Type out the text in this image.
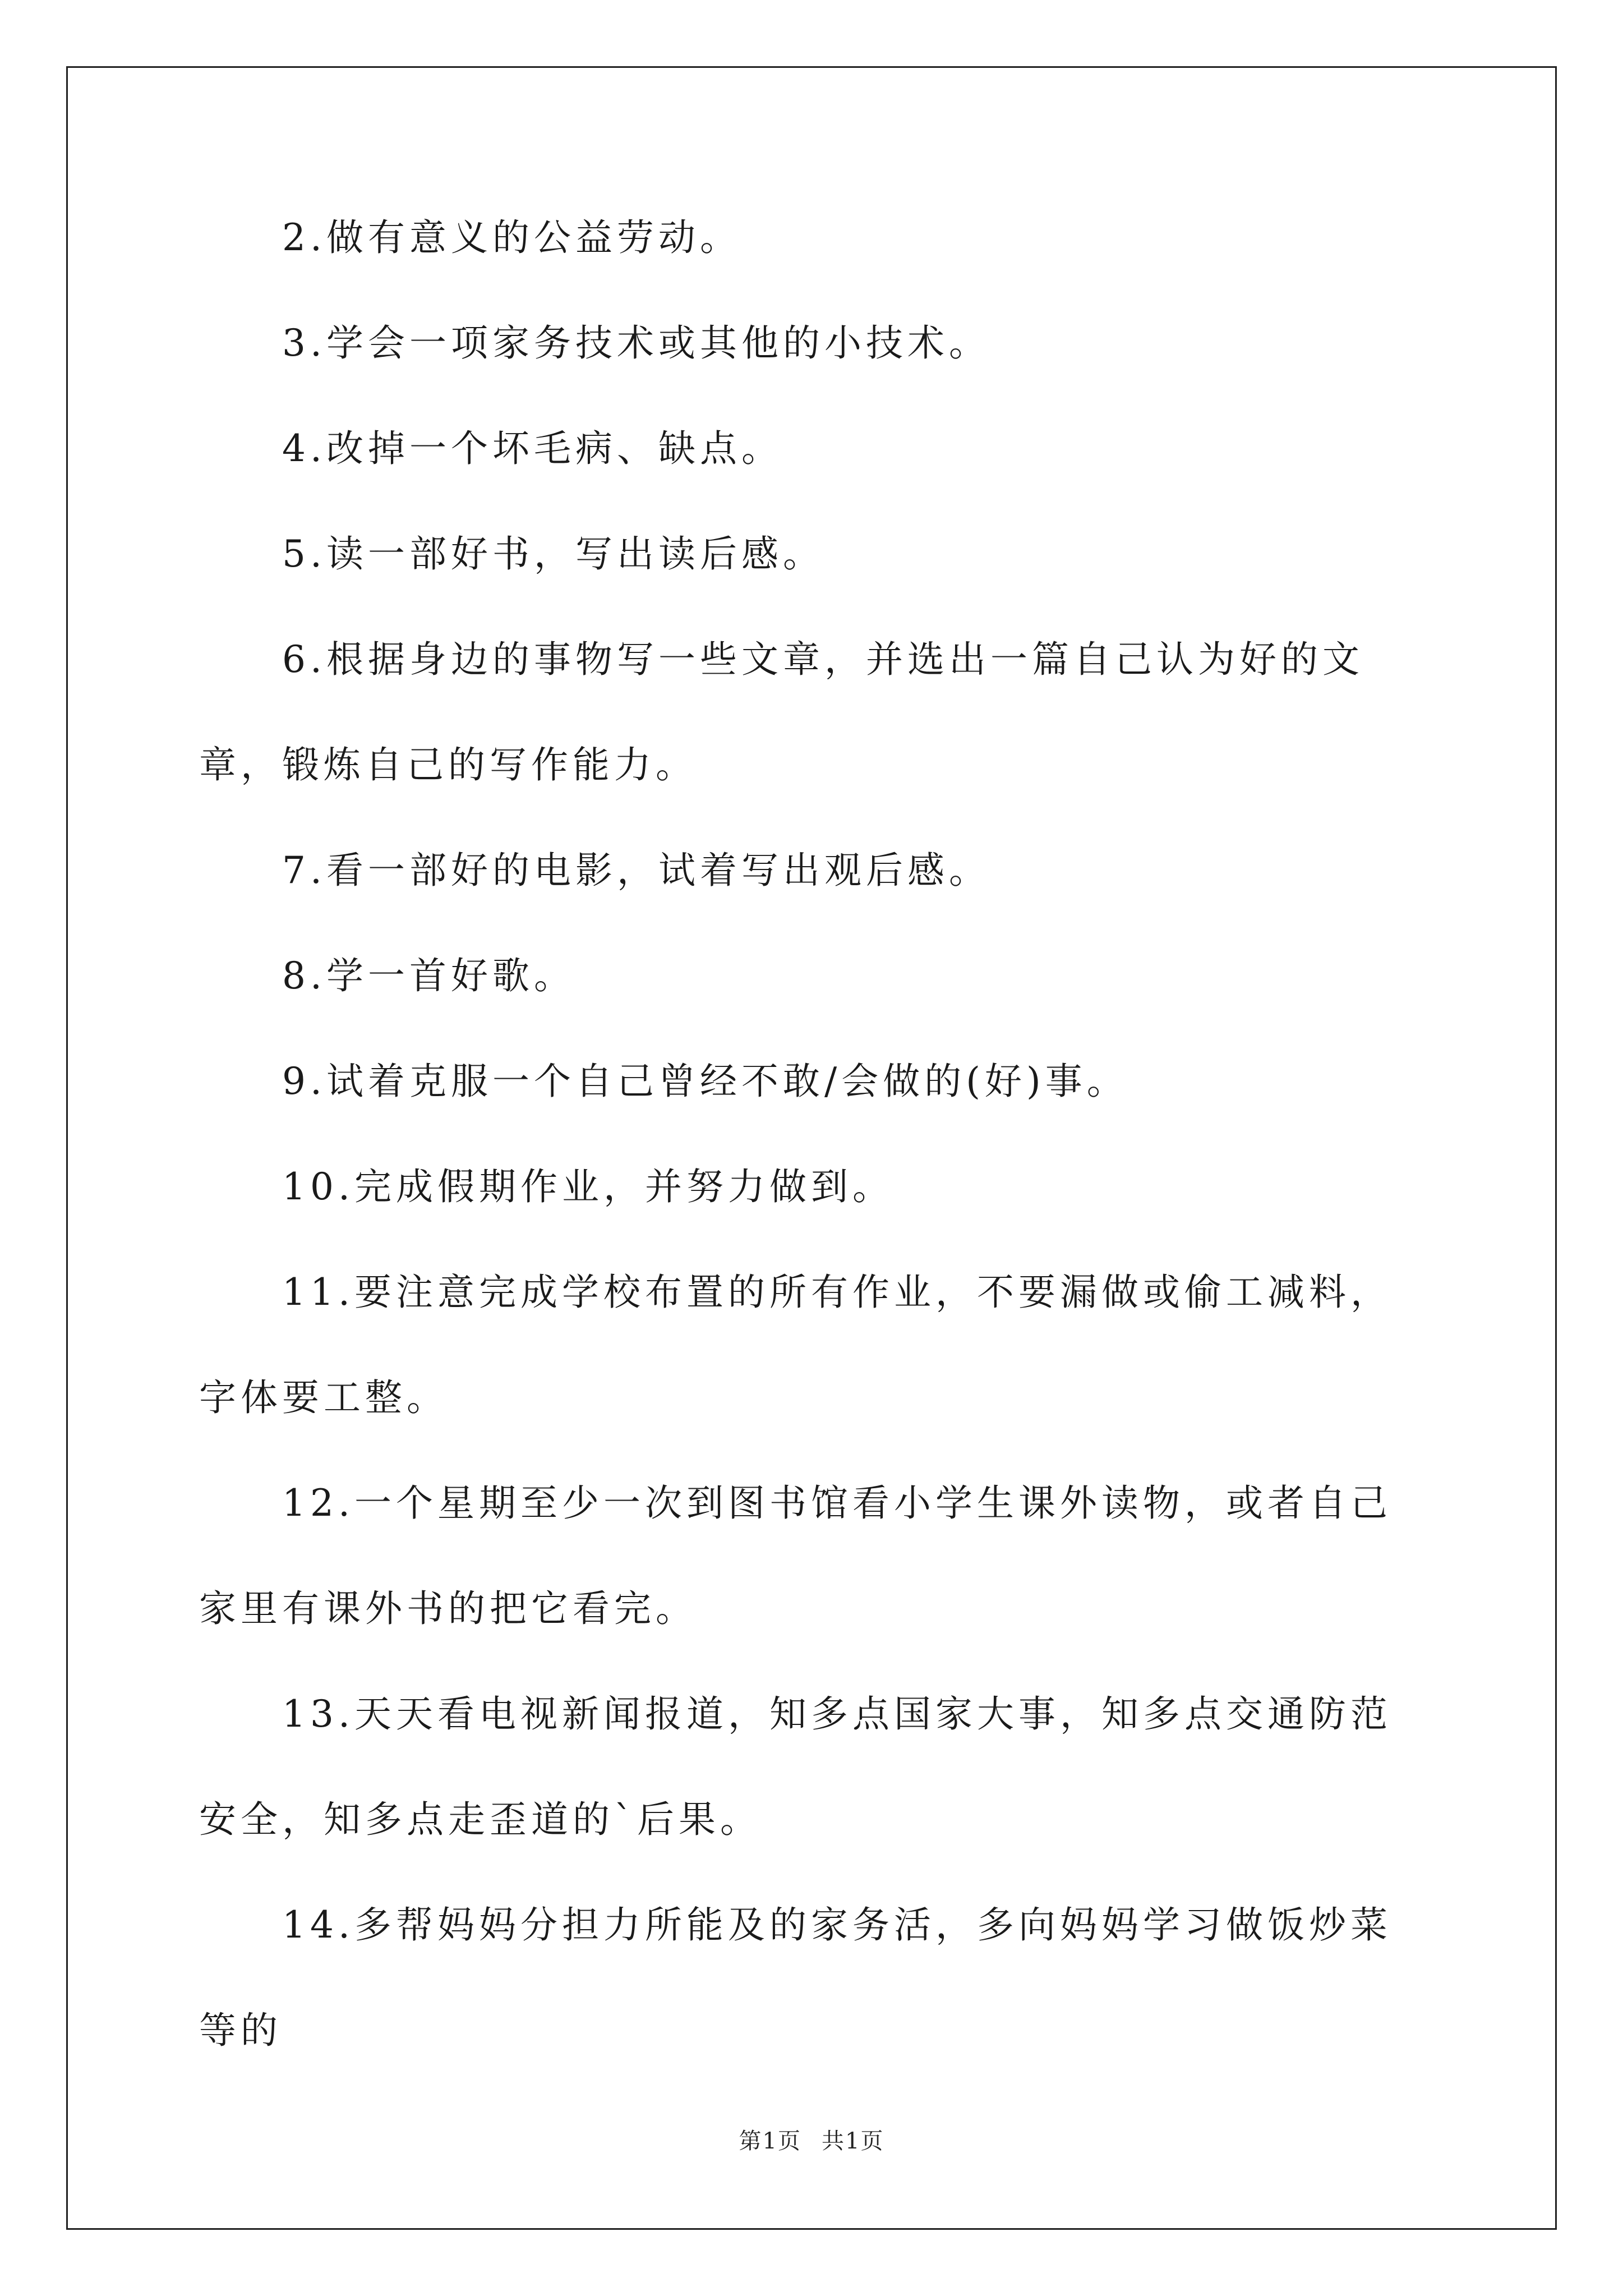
2.做有意义的公益劳动。

3.学会一项家务技术或其他的小技术。

4.改掉一个坏毛病、缺点。

5.读一部好书，写出读后感。

6.根据身边的事物写一些文章，并选出一篇自己认为好的文章，锻炼自己的写作能力。

7.看一部好的电影，试着写出观后感。

8.学一首好歌。

9.试着克服一个自己曾经不敢/会做的(好)事。

10.完成假期作业，并努力做到。

11.要注意完成学校布置的所有作业，不要漏做或偷工减料，字体要工整。

12.一个星期至少一次到图书馆看小学生课外读物，或者自己家里有课外书的把它看完。

13.天天看电视新闻报道，知多点国家大事，知多点交通防范安全，知多点走歪道的`后果。

14.多帮妈妈分担力所能及的家务活，多向妈妈学习做饭炒菜等的

第1页 共1页
